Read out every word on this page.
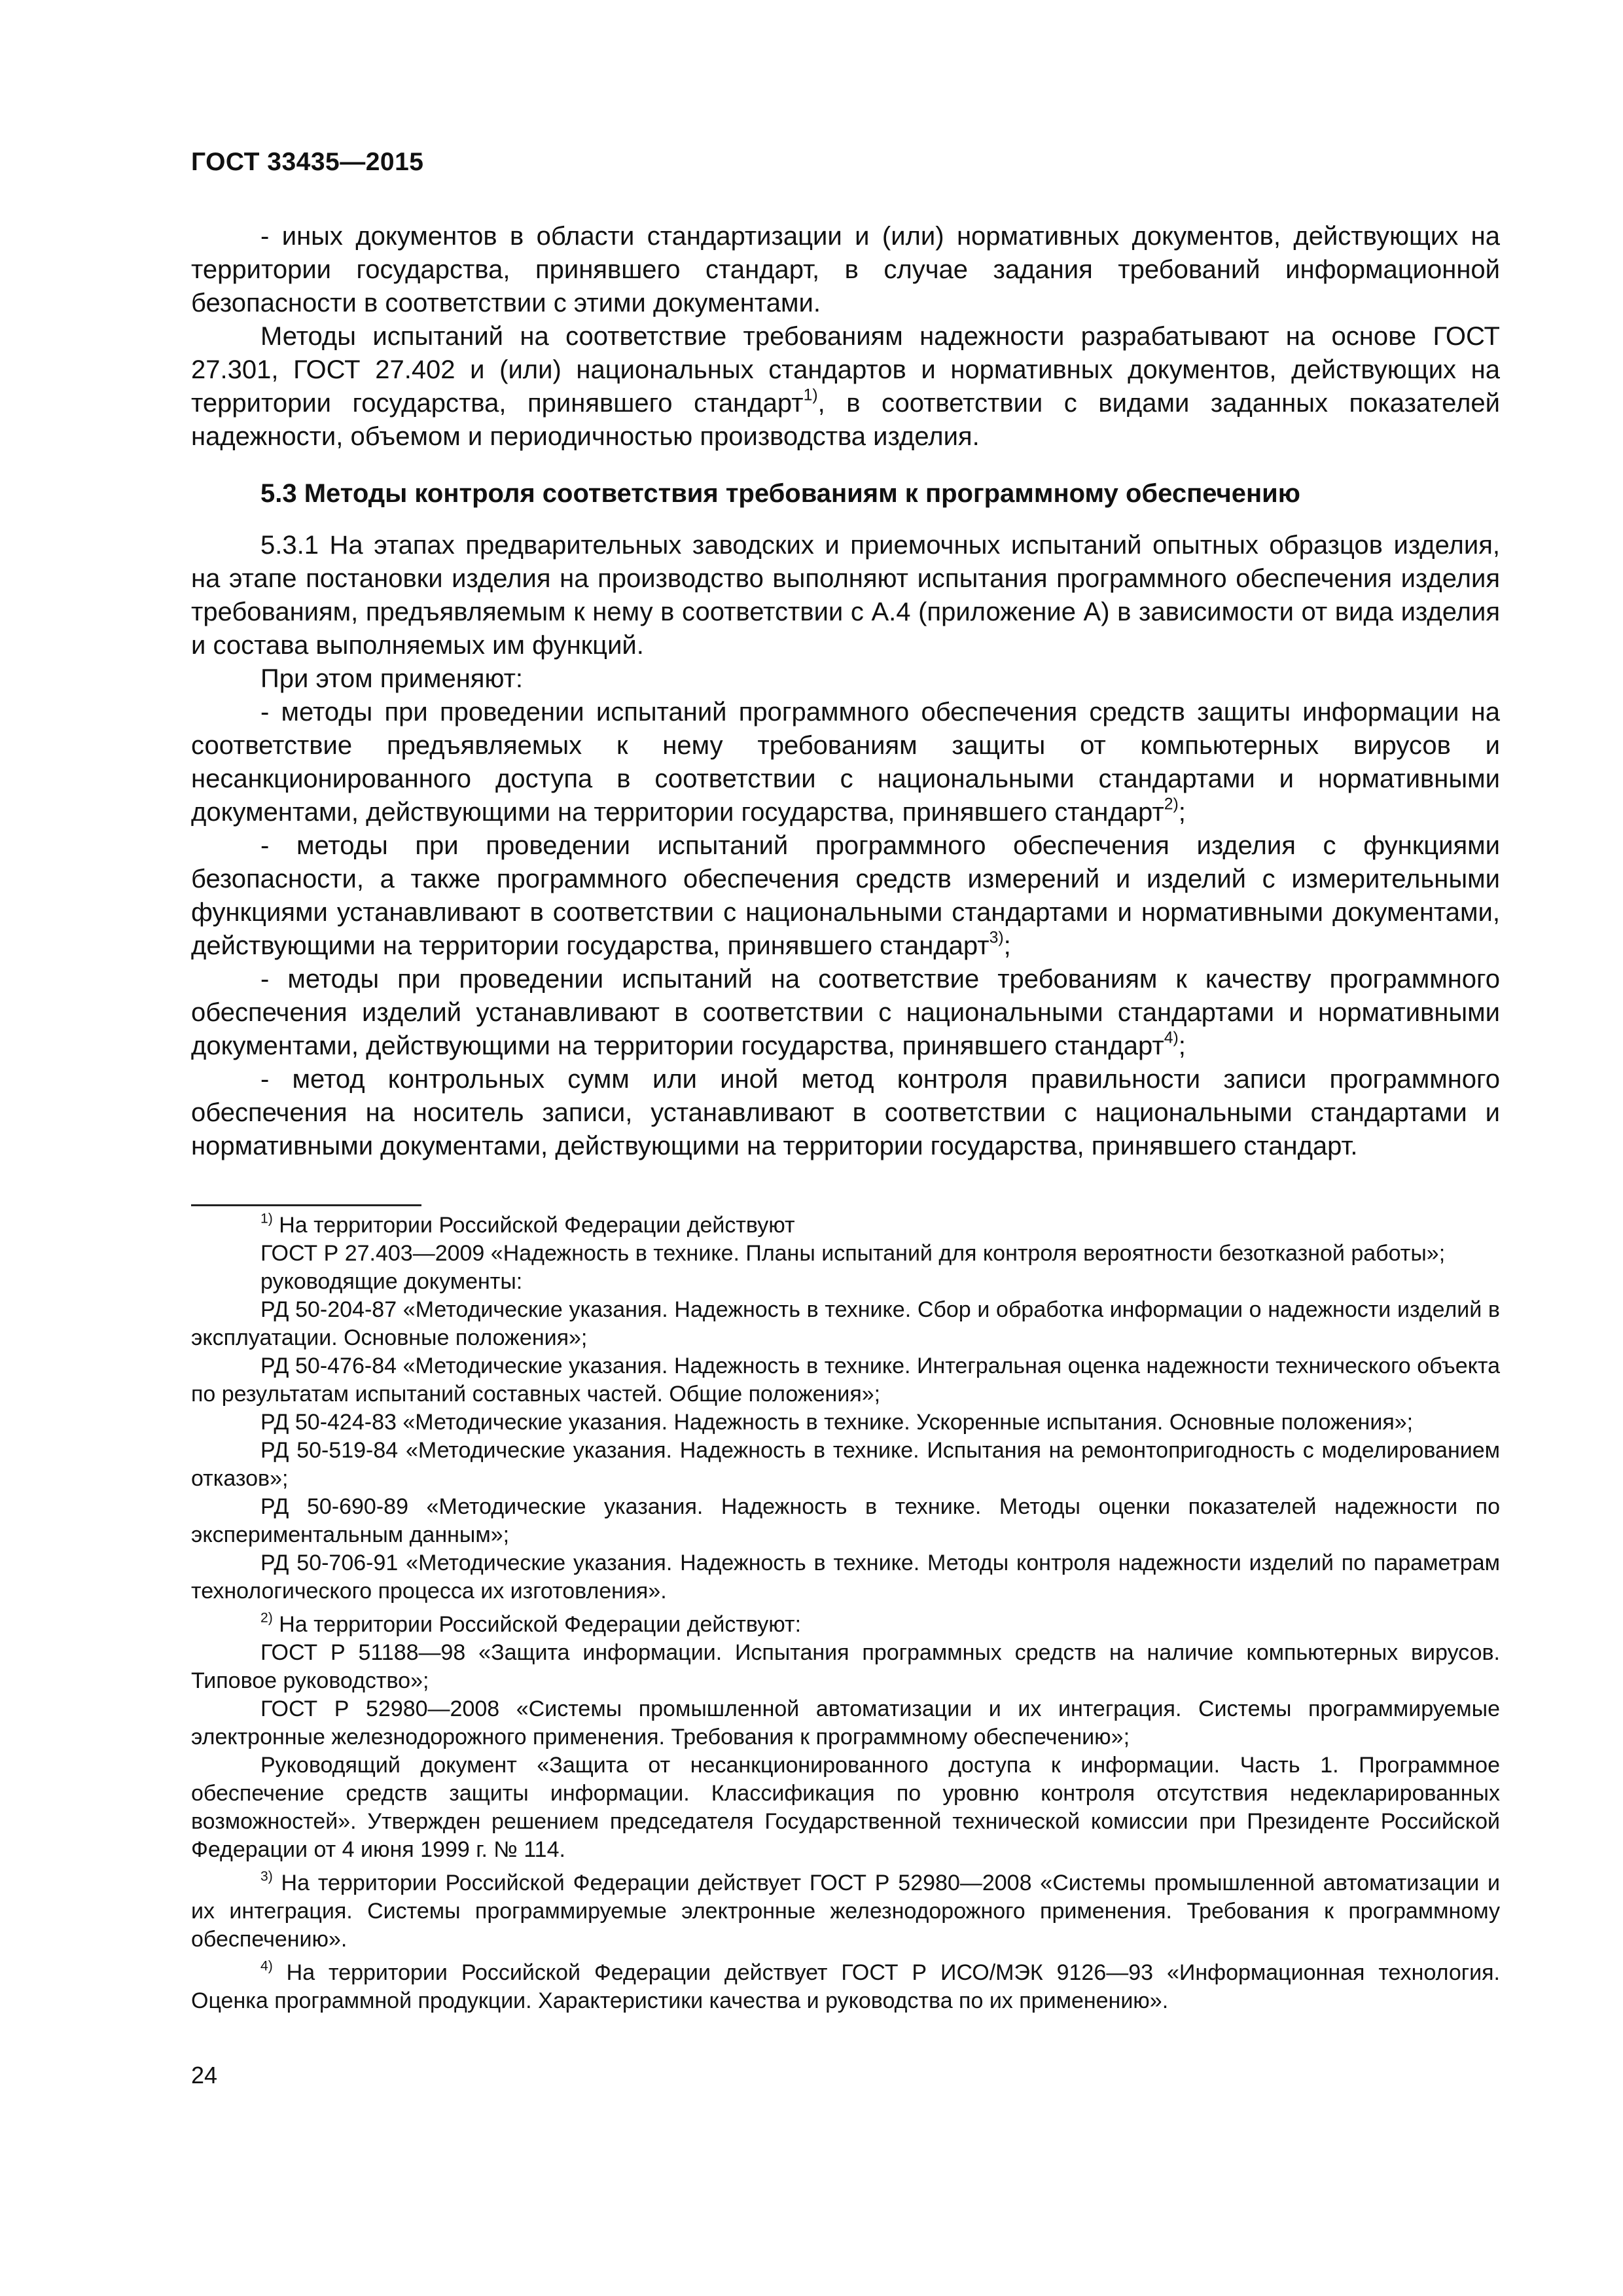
ГОСТ 33435—2015

- иных документов в области стандартизации и (или) нормативных документов, действующих на территории государства, принявшего стандарт, в случае задания требований информационной безопасности в соответствии с этими документами.

Методы испытаний на соответствие требованиям надежности разрабатывают на основе ГОСТ 27.301, ГОСТ 27.402 и (или) национальных стандартов и нормативных документов, действующих на территории государства, принявшего стандарт$^{1)}$, в соответствии с видами заданных показателей надежности, объемом и периодичностью производства изделия.

5.3 Методы контроля соответствия требованиям к программному обеспечению

5.3.1 На этапах предварительных заводских и приемочных испытаний опытных образцов изделия, на этапе постановки изделия на производство выполняют испытания программного обеспечения изделия требованиям, предъявляемым к нему в соответствии с А.4 (приложение А) в зависимости от вида изделия и состава выполняемых им функций.

При этом применяют:

- методы при проведении испытаний программного обеспечения средств защиты информации на соответствие предъявляемых к нему требованиям защиты от компьютерных вирусов и несанкционированного доступа в соответствии с национальными стандартами и нормативными документами, действующими на территории государства, принявшего стандарт$^{2)}$;

- методы при проведении испытаний программного обеспечения изделия с функциями безопасности, а также программного обеспечения средств измерений и изделий с измерительными функциями устанавливают в соответствии с национальными стандартами и нормативными документами, действующими на территории государства, принявшего стандарт$^{3)}$;

- методы при проведении испытаний на соответствие требованиям к качеству программного обеспечения изделий устанавливают в соответствии с национальными стандартами и нормативными документами, действующими на территории государства, принявшего стандарт$^{4)}$;

- метод контрольных сумм или иной метод контроля правильности записи программного обеспечения на носитель записи, устанавливают в соответствии с национальными стандартами и нормативными документами, действующими на территории государства, принявшего стандарт.

$^{1)}$ На территории Российской Федерации действуют

ГОСТ Р 27.403—2009 «Надежность в технике. Планы испытаний для контроля вероятности безотказной работы»;

руководящие документы:

РД 50-204-87 «Методические указания. Надежность в технике. Сбор и обработка информации о надежности изделий в эксплуатации. Основные положения»;

РД 50-476-84 «Методические указания. Надежность в технике. Интегральная оценка надежности технического объекта по результатам испытаний составных частей. Общие положения»;

РД 50-424-83 «Методические указания. Надежность в технике. Ускоренные испытания. Основные положения»;

РД 50-519-84 «Методические указания. Надежность в технике. Испытания на ремонтопригодность с моделированием отказов»;

РД 50-690-89 «Методические указания. Надежность в технике. Методы оценки показателей надежности по экспериментальным данным»;

РД 50-706-91 «Методические указания. Надежность в технике. Методы контроля надежности изделий по параметрам технологического процесса их изготовления».

$^{2)}$ На территории Российской Федерации действуют:

ГОСТ Р 51188—98 «Защита информации. Испытания программных средств на наличие компьютерных вирусов. Типовое руководство»;

ГОСТ Р 52980—2008 «Системы промышленной автоматизации и их интеграция. Системы программируемые электронные железнодорожного применения. Требования к программному обеспечению»;

Руководящий документ «Защита от несанкционированного доступа к информации. Часть 1. Программное обеспечение средств защиты информации. Классификация по уровню контроля отсутствия недекларированных возможностей». Утвержден решением председателя Государственной технической комиссии при Президенте Российской Федерации от 4 июня 1999 г. № 114.

$^{3)}$ На территории Российской Федерации действует ГОСТ Р 52980—2008 «Системы промышленной автоматизации и их интеграция. Системы программируемые электронные железнодорожного применения. Требования к программному обеспечению».

$^{4)}$ На территории Российской Федерации действует ГОСТ Р ИСО/МЭК 9126—93 «Информационная технология. Оценка программной продукции. Характеристики качества и руководства по их применению».

24
